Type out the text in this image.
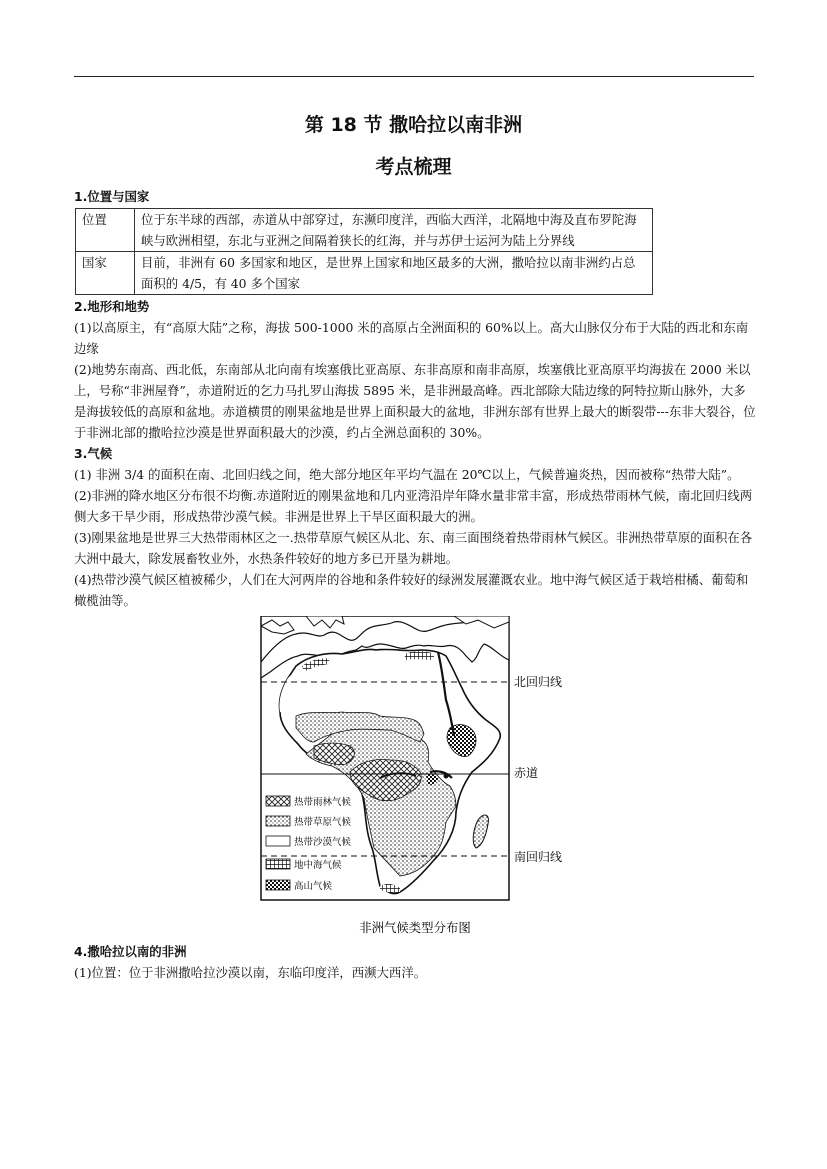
第 18 节 撒哈拉以南非洲
考点梳理
1.位置与国家
位置	位于东半球的西部，赤道从中部穿过，东濒印度洋，西临大西洋，北隔地中海及直布罗陀海峡与欧洲相望，东北与亚洲之间隔着狭长的红海，并与苏伊士运河为陆上分界线
国家	目前，非洲有 60 多国家和地区，是世界上国家和地区最多的大洲，撒哈拉以南非洲约占总面积的 4/5，有 40 多个国家
2.地形和地势

(1)以高原主，有“高原大陆”之称，海拔 500-1000 米的高原占全洲面积的 60%以上。高大山脉仅分布于大陆的西北和东南边缘

(2)地势东南高、西北低，东南部从北向南有埃塞俄比亚高原、东非高原和南非高原，埃塞俄比亚高原平均海拔在 2000 米以上，号称“非洲屋脊”，赤道附近的乞力马扎罗山海拔 5895 米，是非洲最高峰。西北部除大陆边缘的阿特拉斯山脉外，大多是海拔较低的高原和盆地。赤道横贯的刚果盆地是世界上面积最大的盆地，非洲东部有世界上最大的断裂带---东非大裂谷，位于非洲北部的撒哈拉沙漠是世界面积最大的沙漠，约占全洲总面积的 30%。

3.气候

(1) 非洲 3/4 的面积在南、北回归线之间，绝大部分地区年平均气温在 20℃以上，气候普遍炎热，因而被称“热带大陆”。

(2)非洲的降水地区分布很不均衡.赤道附近的刚果盆地和几内亚湾沿岸年降水量非常丰富，形成热带雨林气候，南北回归线两侧大多干旱少雨，形成热带沙漠气候。非洲是世界上干旱区面积最大的洲。

(3)刚果盆地是世界三大热带雨林区之一.热带草原气候区从北、东、南三面围绕着热带雨林气候区。非洲热带草原的面积在各大洲中最大，除发展畜牧业外，水热条件较好的地方多已开垦为耕地。

(4)热带沙漠气候区植被稀少，人们在大河两岸的谷地和条件较好的绿洲发展灌溉农业。地中海气候区适于栽培柑橘、葡萄和橄榄油等。

北回归线
赤道
南回归线
热带雨林气候
热带草原气候
热带沙漠气候
地中海气候
高山气候
非洲气候类型分布图
4.撒哈拉以南的非洲

(1)位置：位于非洲撒哈拉沙漠以南，东临印度洋，西濒大西洋。
